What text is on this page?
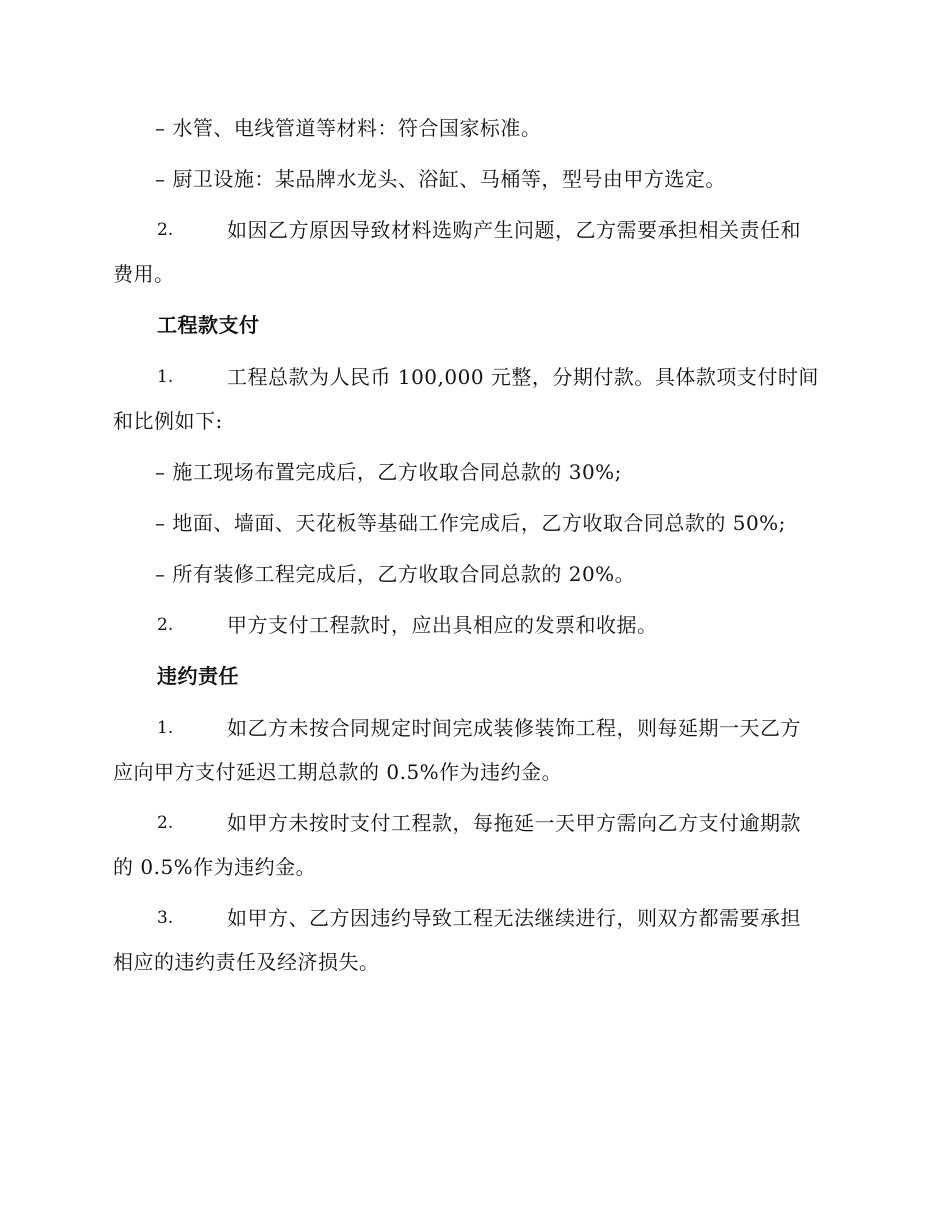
– 水管、电线管道等材料：符合国家标准。
– 厨卫设施：某品牌水龙头、浴缸、马桶等，型号由甲方选定。
2.	如因乙方原因导致材料选购产生问题，乙方需要承担相关责任和
费用。
工程款支付
1.	工程总款为人民币 100,000 元整，分期付款。具体款项支付时间
和比例如下:
– 施工现场布置完成后，乙方收取合同总款的 30%;
– 地面、墙面、天花板等基础工作完成后，乙方收取合同总款的 50%;
– 所有装修工程完成后，乙方收取合同总款的 20%。
2.	甲方支付工程款时，应出具相应的发票和收据。
违约责任
1.	如乙方未按合同规定时间完成装修装饰工程，则每延期一天乙方
应向甲方支付延迟工期总款的 0.5%作为违约金。
2.	如甲方未按时支付工程款，每拖延一天甲方需向乙方支付逾期款
的 0.5%作为违约金。
3.	如甲方、乙方因违约导致工程无法继续进行，则双方都需要承担
相应的违约责任及经济损失。
